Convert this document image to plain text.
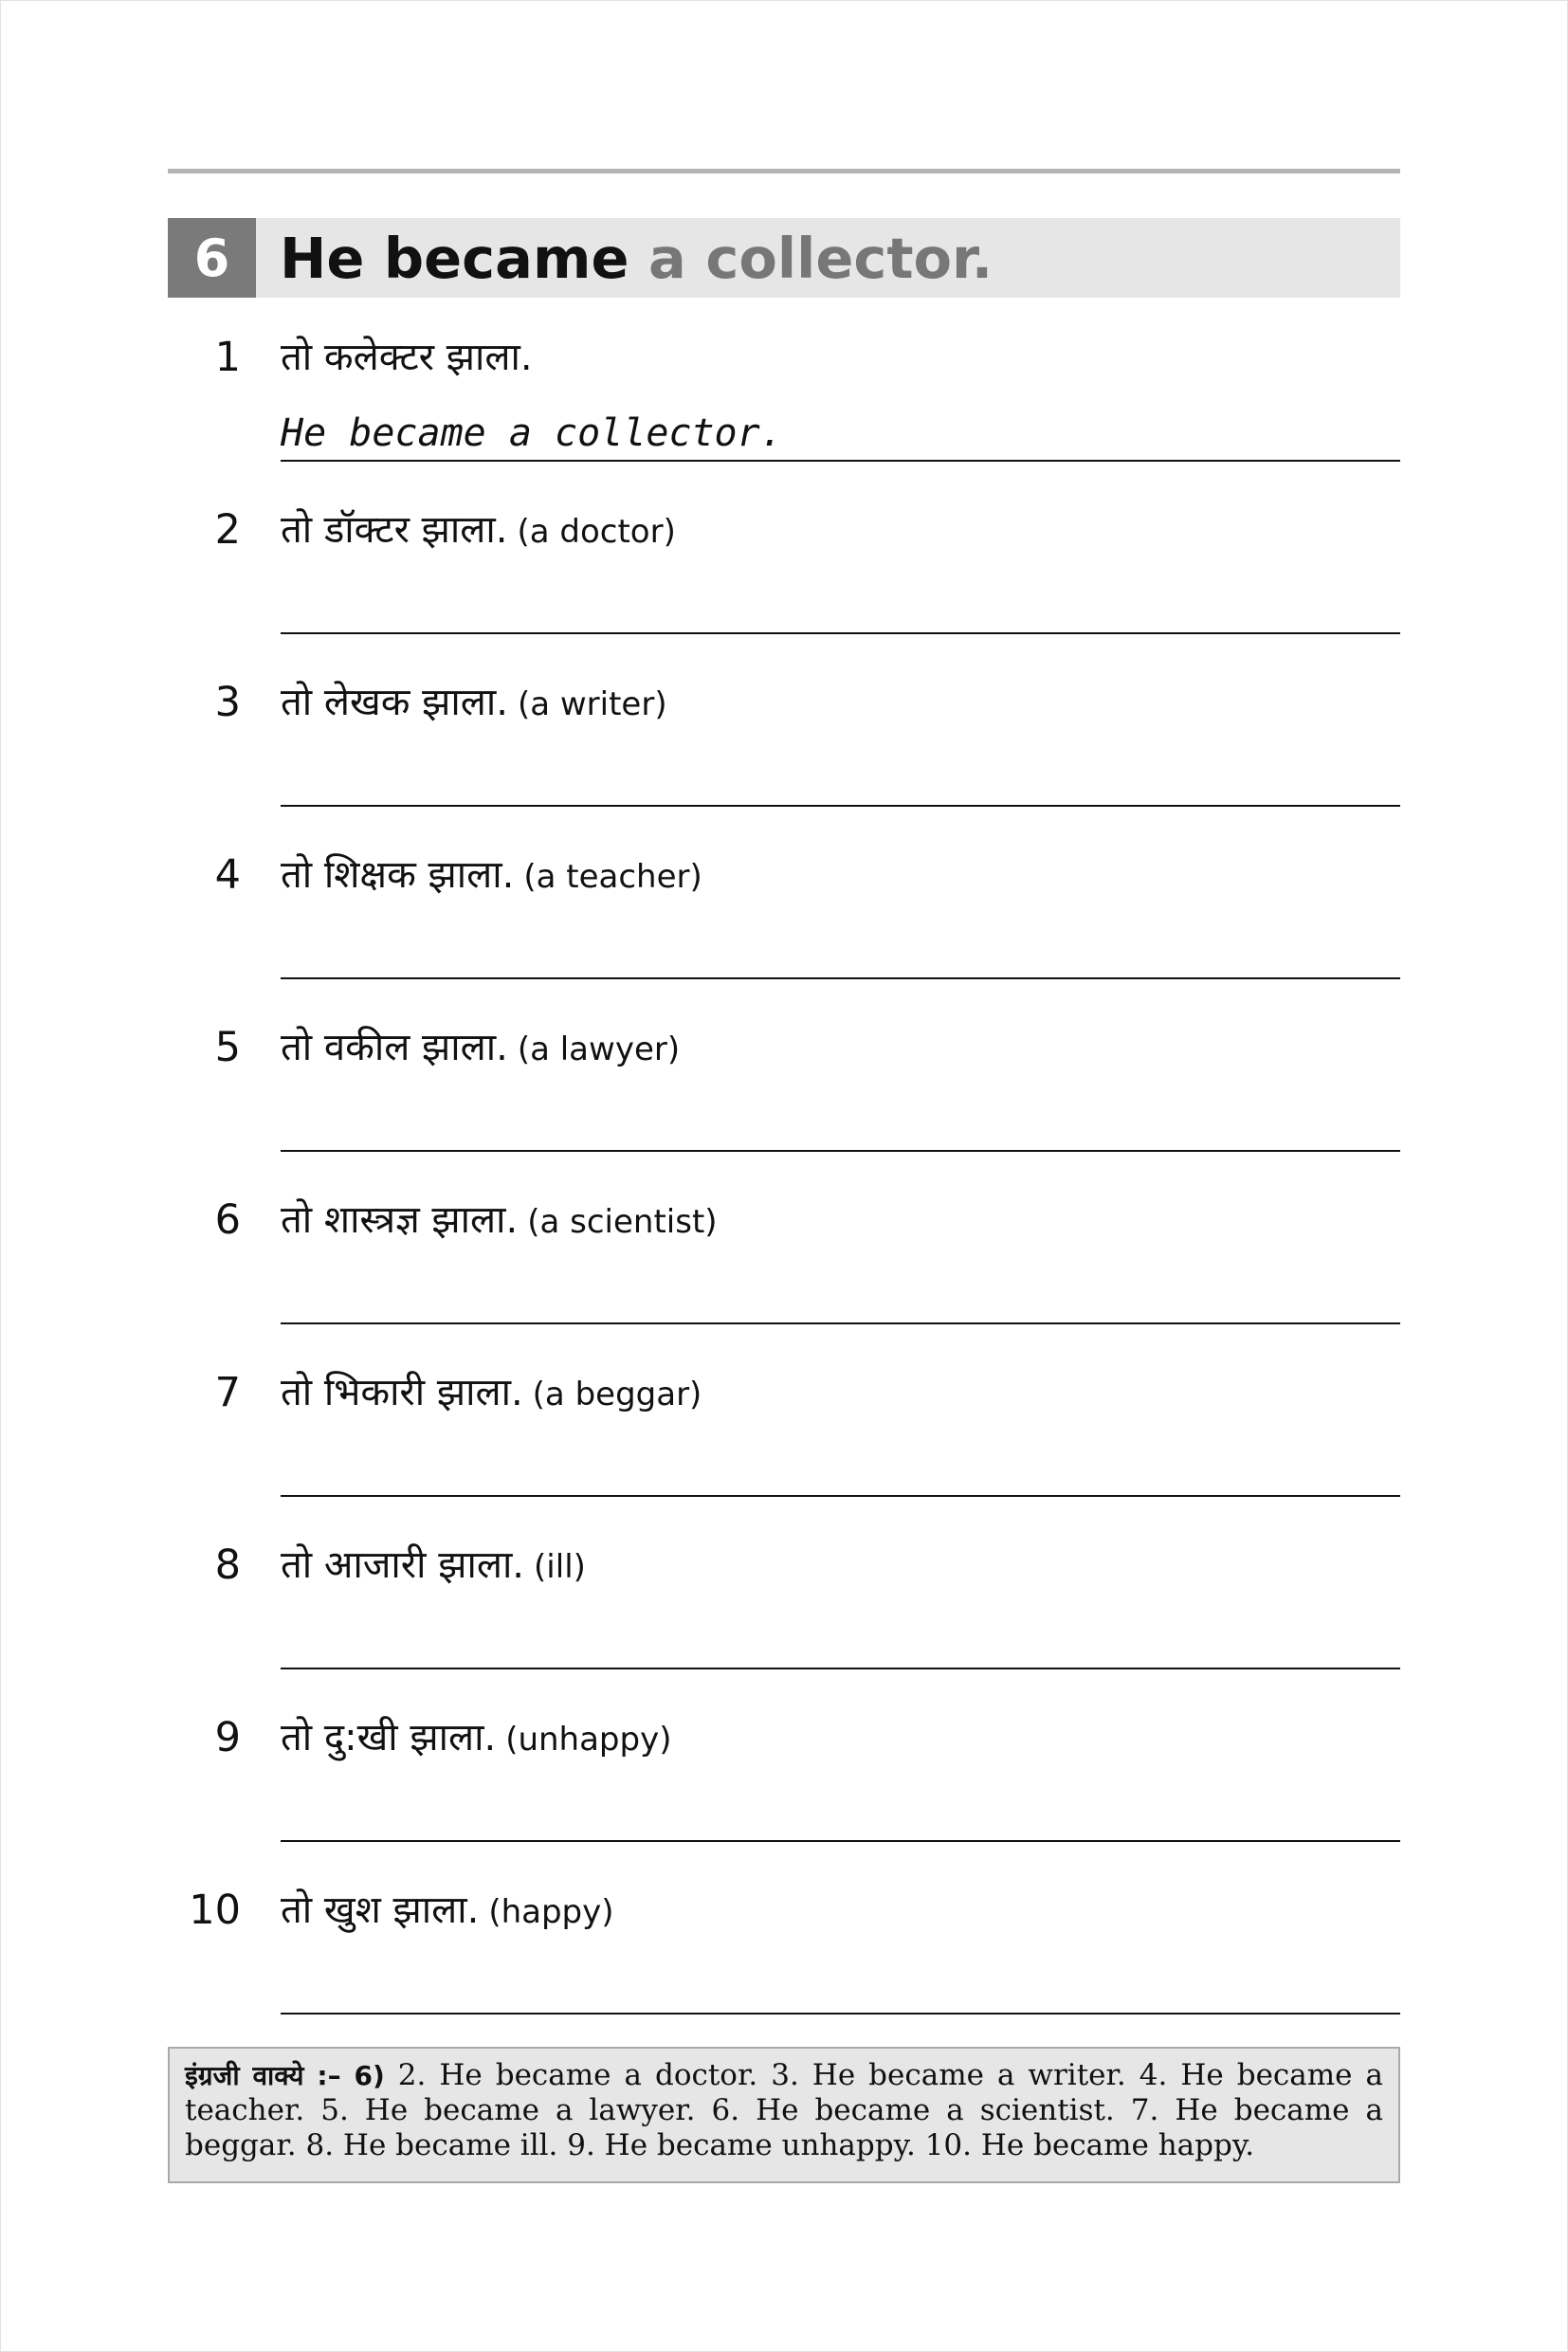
6 He became
a collector.
1 तो कलेक्टर झाला.
He became a collector.
2 तो डॉक्टर झाला. (a doctor)
3 तो लेखक झाला. (a writer)
4 तो शिक्षक झाला. (a teacher)
5 तो वकील झाला. (a lawyer)
6 तो शास्त्रज्ञ झाला. (a scientist)
7 तो भिकारी झाला. (a beggar)
8 तो आजारी झाला. (ill)
9 तो दु:खी झाला. (unhappy)
10 तो खुश झाला. (happy)
इंग्रजी वाक्ये :– 6) 2. He became a doctor. 3. He became a writer. 4. He became a teacher. 5. He became a lawyer. 6. He became a scientist. 7. He became a beggar. 8. He became ill. 9. He became unhappy. 10. He became happy.
